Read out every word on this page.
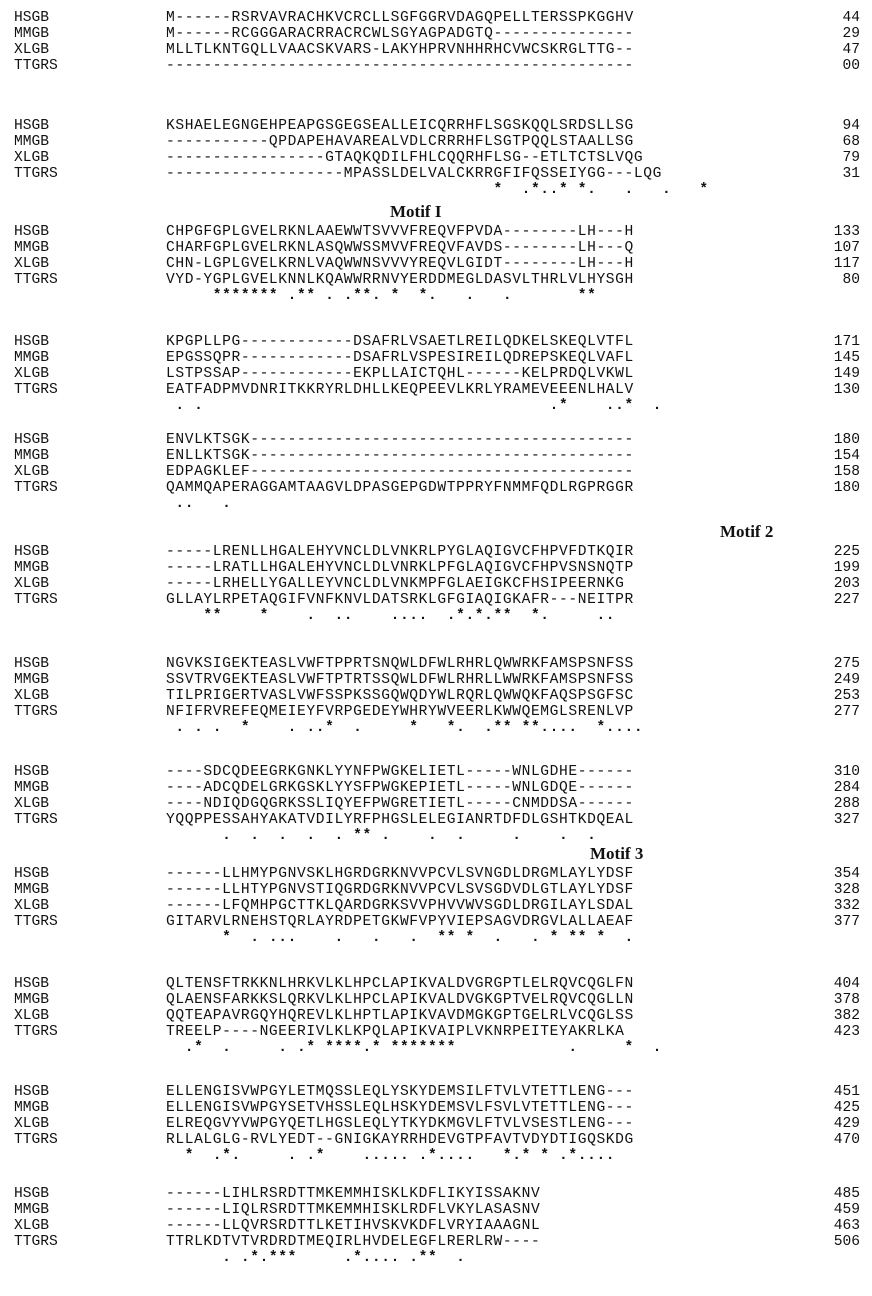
HSGB	M------RSRVAVRACHKVCRCLLSGFGGRVDAGQPELLTERSSPKGGHV	44
MMGB	M------RCGGGARACRRACRCWLSGYAGPADGTQ---------------	29
XLGB	MLLTLKNTGQLLVAACSKVARS-LAKYHPRVNHHRHCVWCSKRGLTTG--	47
TTGRS	--------------------------------------------------	00
HSGB	KSHAELEGNGEHPEAPGSGEGSEALLEICQRRHFLSGSKQQLSRDSLLSG	94
MMGB	-----------QPDAPEHAVAREALVDLCRRRHFLSGTPQQLSTAALLSG	68
XLGB	-----------------GTAQKQDILFHLCQQRHFLSG--ETLTCTSLVQG	79
TTGRS	-------------------MPASSLDELVALCKRRGFIFQSSEIYGG---LQG	31
*  .*..* *.   .   .   *
Motif I
HSGB	CHPGFGPLGVELRKNLAAEWWTSVVVFREQVFPVDA--------LH---H	133
MMGB	CHARFGPLGVELRKNLASQWWSSMVVFREQVFAVDS--------LH---Q	107
XLGB	CHN-LGPLGVELKRNLVAQWWNSVVVYREQVLGIDT--------LH---H	117
TTGRS	VYD-YGPLGVELKNNLKQAWWRRNVYERDDMEGLDASVLTHRLVLHYSGH	80
******* .** . .**. *  *.   .   .       **
HSGB	KPGPLLPG------------DSAFRLVSAETLREILQDKELSKEQLVTFL	171
MMGB	EPGSSQPR------------DSAFRLVSPESIREILQDREPSKEQLVAFL	145
XLGB	LSTPSSAP------------EKPLLAICTQHL------KELPRDQLVKWL	149
TTGRS	EATFADPMVDNRITKKRYRLDHLLKEQPEEVLKRLYRAMEVEEENLHALV	130
. .                                     .*    ..*  .
HSGB	ENVLKTSGK-----------------------------------------	180
MMGB	ENLLKTSGK-----------------------------------------	154
XLGB	EDPAGKLEF-----------------------------------------	158
TTGRS	QAMMQAPERAGGAMTAAGVLDPASGEPGDWTPPRYFNMMFQDLRGPRGGR	180
..   .
Motif 2
HSGB	-----LRENLLHGALEHYVNCLDLVNKRLPYGLAQIGVCFHPVFDTKQIR	225
MMGB	-----LRATLLHGALEHYVNCLDLVNRKLPFGLAQIGVCFHPVSNSNQTP	199
XLGB	-----LRHELLYGALLEYVNCLDLVNKMPFGLAEIGKCFHSIPEERNKG	203
TTGRS	GLLAYLRPETAQGIFVNFKNVLDATSRKLGFGIAQIGKAFR---NEITPR	227
**    *    .  ..    ....  .*.*.**  *.     ..
HSGB	NGVKSIGEKTEASLVWFTPPRTSNQWLDFWLRHRLQWWRKFAMSPSNFSS	275
MMGB	SSVTRVGEKTEASLVWFTPTRTSSQWLDFWLRHRLLWWRKFAMSPSNFSS	249
XLGB	TILPRIGERTVASLVWFSSPKSSGQWQDYWLRQRLQWWQKFAQSPSGFSC	253
TTGRS	NFIFRVREFEQMEIEYFVRPGEDEYWHRYWVEERLKWWQEMGLSRENLVP	277
. . .  *    . ..*  .     *   *.  .** **....  *....
HSGB	----SDCQDEEGRKGNKLYYNFPWGKELIETL-----WNLGDHE------	310
MMGB	----ADCQDELGRKGSKLYYSFPWGKEPIETL-----WNLGDQE------	284
XLGB	----NDIQDGQGRKSSLIQYEFPWGRETIETL-----CNMDDSA------	288
TTGRS	YQQPPESSAHYAKATVDILYRFPHGSLELEGIANRTDFDLGSHTKDQEAL	327
.  .  .  .  . ** .    .  .     .    .  .
Motif 3
HSGB	------LLHMYPGNVSKLHGRDGRKNVVPCVLSVNGDLDRGMLAYLYDSF	354
MMGB	------LLHTYPGNVSTIQGRDGRKNVVPCVLSVSGDVDLGTLAYLYDSF	328
XLGB	------LFQMHPGCTTKLQARDGRKSVVPHVVWVSGDLDRGILAYLSDAL	332
TTGRS	GITARVLRNEHSTQRLAYRDPETGKWFVPYVIEPSAGVDRGVLALLAEAF	377
*  . ...    .   .   .  ** *  .   . * ** *  .
HSGB	QLTENSFTRKKNLHRKVLKLHPCLAPIKVALDVGRGPTLELRQVCQGLFN	404
MMGB	QLAENSFARKKSLQRKVLKLHPCLAPIKVALDVGKGPTVELRQVCQGLLN	378
XLGB	QQTEAPAVRGQYHQREVLKLHPTLAPIKVAVDMGKGPTGELRLVCQGLSS	382
TTGRS	TREELP----NGEERIVLKLKPQLAPIKVAIPLVKNRPEITEYAKRLKA	423
.*  .     . .* ****.* *******            .     *  .
HSGB	ELLENGISVWPGYLETMQSSLEQLYSKYDEMSILFTVLVTETTLENG---	451
MMGB	ELLENGISVWPGYSETVHSSLEQLHSKYDEMSVLFSVLVTETTLENG---	425
XLGB	ELREQGVYVWPGYQETLHGSLEQLYTKYDKMGVLFTVLVSESTLENG---	429
TTGRS	RLLALGLG-RVLYEDT--GNIGKAYRRHDEVGTPFAVTVDYDTIGQSKDG	470
*  .*.     . .*    ..... .*....   *.* * .*....
HSGB	------LIHLRSRDTTMKEMMHISKLKDFLIKYISSAKNV	485
MMGB	------LIQLRSRDTTMKEMMHISKLRDFLVKYLASASNV	459
XLGB	------LLQVRSRDTTLKETIHVSKVKDFLVRYIAAAGNL	463
TTGRS	TTRLKDTVTVRDRDTMEQIRLHVDELEGFLRERLRW----	506
. .*.***     .*.... .**  .
